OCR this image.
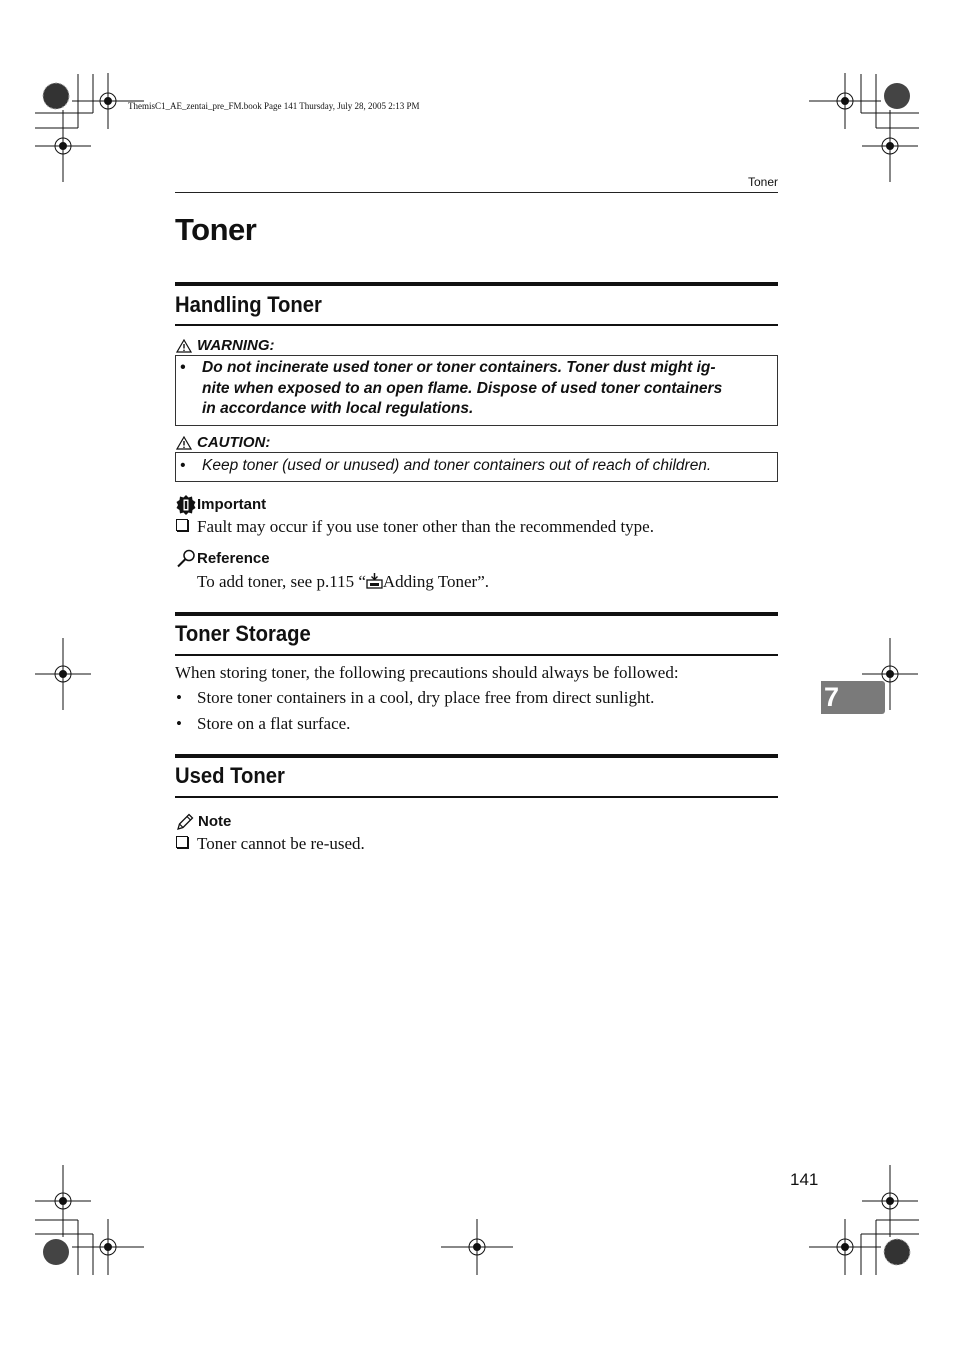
ThemisC1_AE_zentai_pre_FM.book Page 141 Thursday, July 28, 2005 2:13 PM
Toner
Toner
Handling Toner
WARNING:
•	Do not incinerate used toner or toner containers. Toner dust might ig-
nite when exposed to an open flame. Dispose of used toner containers
in accordance with local regulations.
CAUTION:
•	Keep toner (used or unused) and toner containers out of reach of children.
Important
Fault may occur if you use toner other than the recommended type.
Reference
To add toner, see p.115 “ Adding Toner”.
Toner Storage
When storing toner, the following precautions should always be followed:
• Store toner containers in a cool, dry place free from direct sunlight.
• Store on a flat surface.
Used Toner
Note
Toner cannot be re-used.
7
141
